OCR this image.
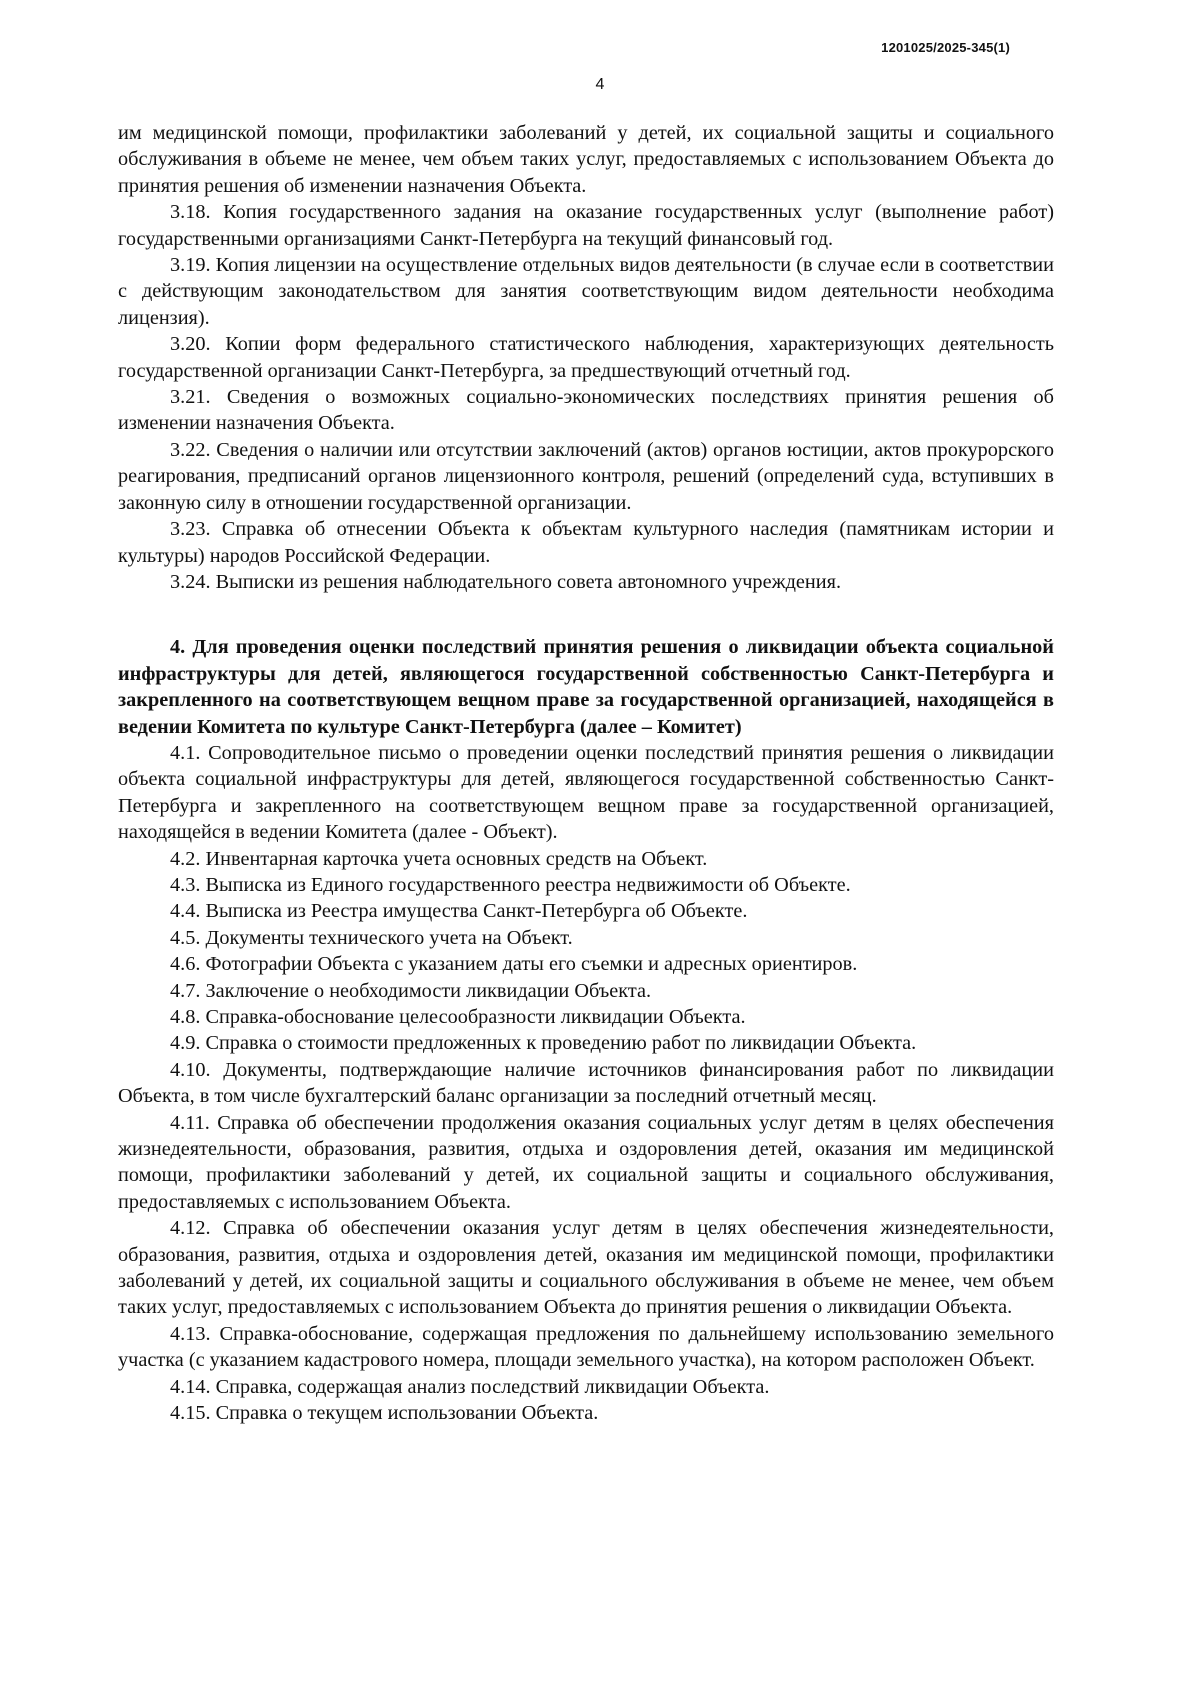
1201025/2025-345(1)
4

им медицинской помощи, профилактики заболеваний у детей, их социальной защиты и социального обслуживания в объеме не менее, чем объем таких услуг, предоставляемых с использованием Объекта до принятия решения об изменении назначения Объекта.

3.18. Копия государственного задания на оказание государственных услуг (выполнение работ) государственными организациями Санкт-Петербурга на текущий финансовый год.

3.19. Копия лицензии на осуществление отдельных видов деятельности (в случае если в соответствии с действующим законодательством для занятия соответствующим видом деятельности необходима лицензия).

3.20. Копии форм федерального статистического наблюдения, характеризующих деятельность государственной организации Санкт-Петербурга, за предшествующий отчетный год.

3.21. Сведения о возможных социально-экономических последствиях принятия решения об изменении назначения Объекта.

3.22. Сведения о наличии или отсутствии заключений (актов) органов юстиции, актов прокурорского реагирования, предписаний органов лицензионного контроля, решений (определений суда, вступивших в законную силу в отношении государственной организации.

3.23. Справка об отнесении Объекта к объектам культурного наследия (памятникам истории и культуры) народов Российской Федерации.

3.24. Выписки из решения наблюдательного совета автономного учреждения.

4. Для проведения оценки последствий принятия решения о ликвидации объекта социальной инфраструктуры для детей, являющегося государственной собственностью Санкт-Петербурга и закрепленного на соответствующем вещном праве за государственной организацией, находящейся в ведении Комитета по культуре Санкт-Петербурга (далее – Комитет)

4.1. Сопроводительное письмо о проведении оценки последствий принятия решения о ликвидации объекта социальной инфраструктуры для детей, являющегося государственной собственностью Санкт-Петербурга и закрепленного на соответствующем вещном праве за государственной организацией, находящейся в ведении Комитета (далее - Объект).

4.2. Инвентарная карточка учета основных средств на Объект.

4.3. Выписка из Единого государственного реестра недвижимости об Объекте.

4.4. Выписка из Реестра имущества Санкт-Петербурга об Объекте.

4.5. Документы технического учета на Объект.

4.6. Фотографии Объекта с указанием даты его съемки и адресных ориентиров.

4.7. Заключение о необходимости ликвидации Объекта.

4.8. Справка-обоснование целесообразности ликвидации Объекта.

4.9. Справка о стоимости предложенных к проведению работ по ликвидации Объекта.

4.10. Документы, подтверждающие наличие источников финансирования работ по ликвидации Объекта, в том числе бухгалтерский баланс организации за последний отчетный месяц.

4.11. Справка об обеспечении продолжения оказания социальных услуг детям в целях обеспечения жизнедеятельности, образования, развития, отдыха и оздоровления детей, оказания им медицинской помощи, профилактики заболеваний у детей, их социальной защиты и социального обслуживания, предоставляемых с использованием Объекта.

4.12. Справка об обеспечении оказания услуг детям в целях обеспечения жизнедеятельности, образования, развития, отдыха и оздоровления детей, оказания им медицинской помощи, профилактики заболеваний у детей, их социальной защиты и социального обслуживания в объеме не менее, чем объем таких услуг, предоставляемых с использованием Объекта до принятия решения о ликвидации Объекта.

4.13. Справка-обоснование, содержащая предложения по дальнейшему использованию земельного участка (с указанием кадастрового номера, площади земельного участка), на котором расположен Объект.

4.14. Справка, содержащая анализ последствий ликвидации Объекта.

4.15. Справка о текущем использовании Объекта.
